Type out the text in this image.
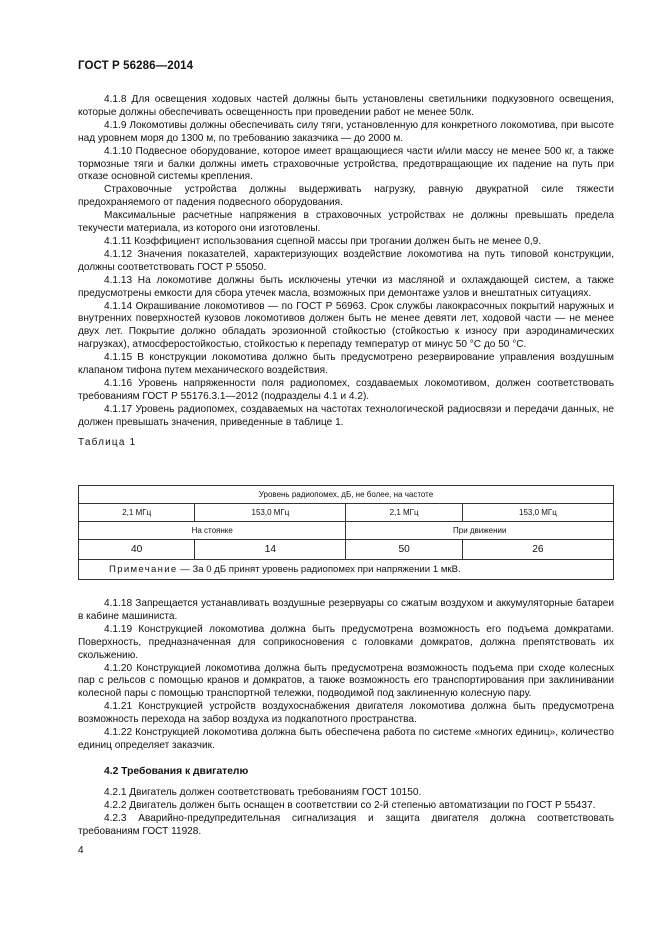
ГОСТ Р 56286—2014

4.1.8 Для освещения ходовых частей должны быть установлены светильники подкузовного освещения, которые должны обеспечивать освещенность при проведении работ не менее 50лк.

4.1.9 Локомотивы должны обеспечивать силу тяги, установленную для конкретного локомотива, при высоте над уровнем моря до 1300 м, по требованию заказчика — до 2000 м.

4.1.10 Подвесное оборудование, которое имеет вращающиеся части и/или массу не менее 500 кг, а также тормозные тяги и балки должны иметь страховочные устройства, предотвращающие их падение на путь при отказе основной системы крепления.

Страховочные устройства должны выдерживать нагрузку, равную двукратной силе тяжести предохраняемого от падения подвесного оборудования.

Максимальные расчетные напряжения в страховочных устройствах не должны превышать предела текучести материала, из которого они изготовлены.

4.1.11 Коэффициент использования сцепной массы при трогании должен быть не менее 0,9.

4.1.12 Значения показателей, характеризующих воздействие локомотива на путь типовой конструкции, должны соответствовать ГОСТ Р 55050.

4.1.13 На локомотиве должны быть исключены утечки из масляной и охлаждающей систем, а также предусмотрены емкости для сбора утечек масла, возможных при демонтаже узлов и внештатных ситуациях.

4.1.14 Окрашивание локомотивов — по ГОСТ Р 56963. Срок службы лакокрасочных покрытий наружных и внутренних поверхностей кузовов локомотивов должен быть не менее девяти лет, ходовой части — не менее двух лет. Покрытие должно обладать эрозионной стойкостью (стойкостью к износу при аэродинамических нагрузках), атмосферостойкостью, стойкостью к перепаду температур от минус 50 °С до 50 °С.

4.1.15 В конструкции локомотива должно быть предусмотрено резервирование управления воздушным клапаном тифона путем механического воздействия.

4.1.16 Уровень напряженности поля радиопомех, создаваемых локомотивом, должен соответствовать требованиям ГОСТ Р 55176.3.1—2012 (подразделы 4.1 и 4.2).

4.1.17 Уровень радиопомех, создаваемых на частотах технологической радиосвязи и передачи данных, не должен превышать значения, приведенные в таблице 1.

Таблица 1
Уровень радиопомех, дБ, не более, на частоте			
2,1 МГц	153,0 МГц	2,1 МГц	153,0 МГц
На стоянке		При движении	
40	14	50	26
Примечание — За 0 дБ принят уровень радиопомех при напряжении 1 мкВ.			

4.1.18 Запрещается устанавливать воздушные резервуары со сжатым воздухом и аккумуляторные батареи в кабине машиниста.

4.1.19 Конструкцией локомотива должна быть предусмотрена возможность его подъема домкратами. Поверхность, предназначенная для соприкосновения с головками домкратов, должна препятствовать их скольжению.

4.1.20 Конструкцией локомотива должна быть предусмотрена возможность подъема при сходе колесных пар с рельсов с помощью кранов и домкратов, а также возможность его транспортирования при заклинивании колесной пары с помощью транспортной тележки, подводимой под заклиненную колесную пару.

4.1.21 Конструкцией устройств воздухоснабжения двигателя локомотива должна быть предусмотрена возможность перехода на забор воздуха из подкапотного пространства.

4.1.22 Конструкцией локомотива должна быть обеспечена работа по системе «многих единиц», количество единиц определяет заказчик.

4.2 Требования к двигателю

4.2.1 Двигатель должен соответствовать требованиям ГОСТ 10150.

4.2.2 Двигатель должен быть оснащен в соответствии со 2-й степенью автоматизации по ГОСТ Р 55437.

4.2.3 Аварийно-предупредительная сигнализация и защита двигателя должна соответствовать требованиям ГОСТ 11928.

4
